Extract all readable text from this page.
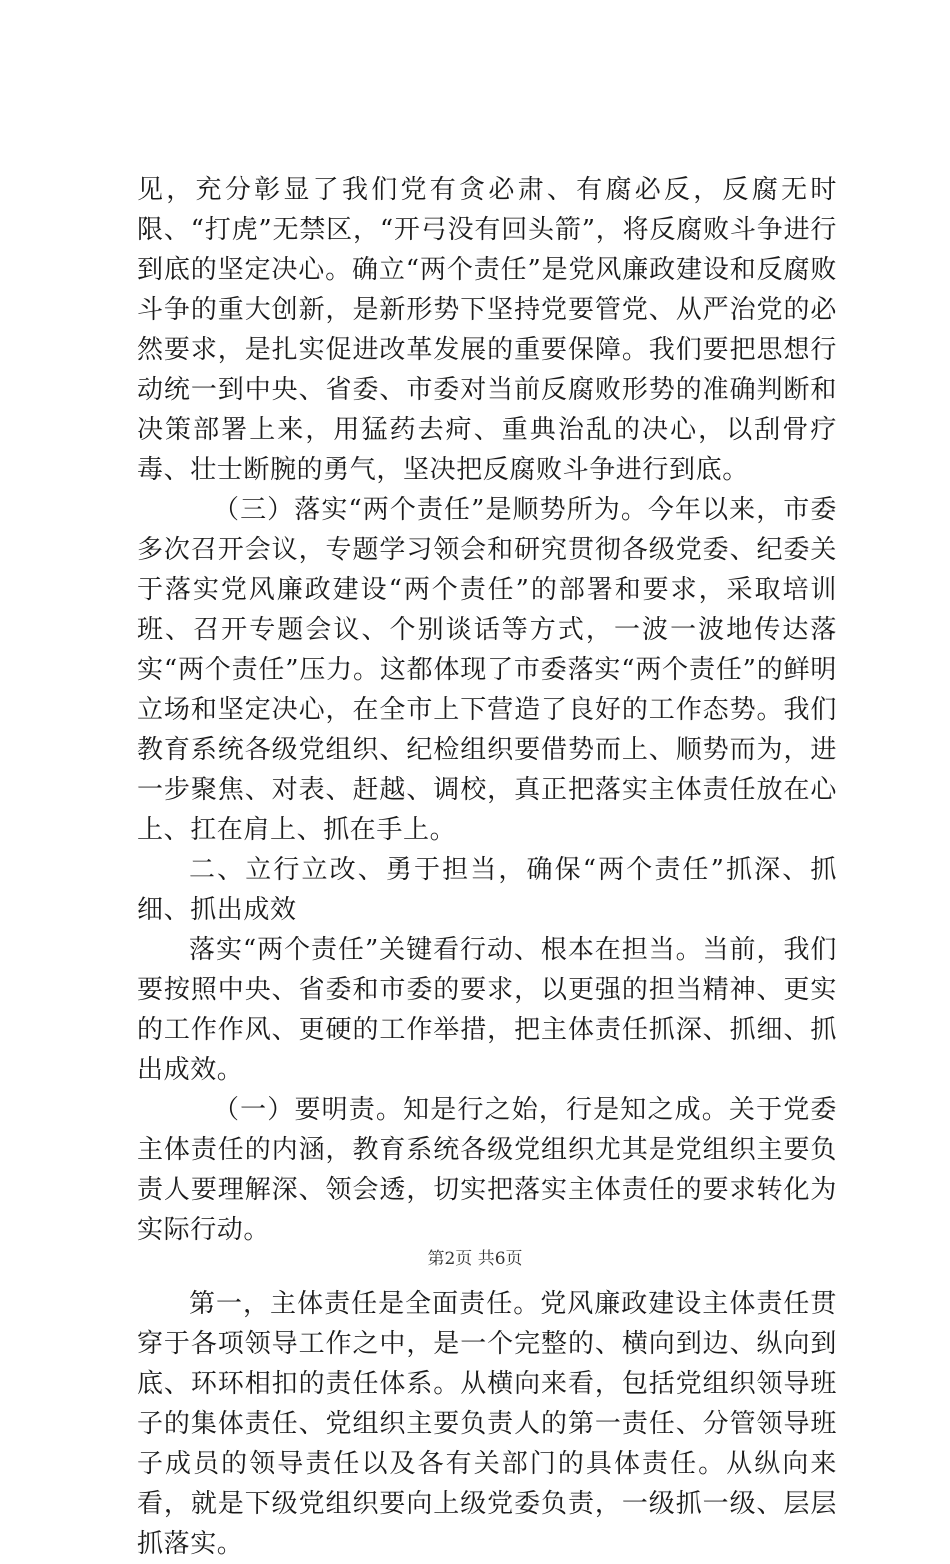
见，充分彰显了我们党有贪必肃、有腐必反，反腐无时限、“打虎”无禁区，“开弓没有回头箭”，将反腐败斗争进行到底的坚定决心。确立“两个责任”是党风廉政建设和反腐败斗争的重大创新，是新形势下坚持党要管党、从严治党的必然要求，是扎实促进改革发展的重要保障。我们要把思想行动统一到中央、省委、市委对当前反腐败形势的准确判断和决策部署上来，用猛药去疴、重典治乱的决心，以刮骨疗毒、壮士断腕的勇气，坚决把反腐败斗争进行到底。

（三）落实“两个责任”是顺势所为。今年以来，市委多次召开会议，专题学习领会和研究贯彻各级党委、纪委关于落实党风廉政建设“两个责任”的部署和要求，采取培训班、召开专题会议、个别谈话等方式，一波一波地传达落实“两个责任”压力。这都体现了市委落实“两个责任”的鲜明立场和坚定决心，在全市上下营造了良好的工作态势。我们教育系统各级党组织、纪检组织要借势而上、顺势而为，进一步聚焦、对表、赶越、调校，真正把落实主体责任放在心上、扛在肩上、抓在手上。

二、立行立改、勇于担当，确保“两个责任”抓深、抓细、抓出成效

落实“两个责任”关键看行动、根本在担当。当前，我们要按照中央、省委和市委的要求，以更强的担当精神、更实的工作作风、更硬的工作举措，把主体责任抓深、抓细、抓出成效。

（一）要明责。知是行之始，行是知之成。关于党委主体责任的内涵，教育系统各级党组织尤其是党组织主要负责人要理解深、领会透，切实把落实主体责任的要求转化为实际行动。

第一，主体责任是全面责任。党风廉政建设主体责任贯穿于各项领导工作之中，是一个完整的、横向到边、纵向到底、环环相扣的责任体系。从横向来看，包括党组织领导班子的集体责任、党组织主要负责人的第一责任、分管领导班子成员的领导责任以及各有关部门的具体责任。从纵向来看，就是下级党组织要向上级党委负责，一级抓一级、层层抓落实。

第2页 共6页
